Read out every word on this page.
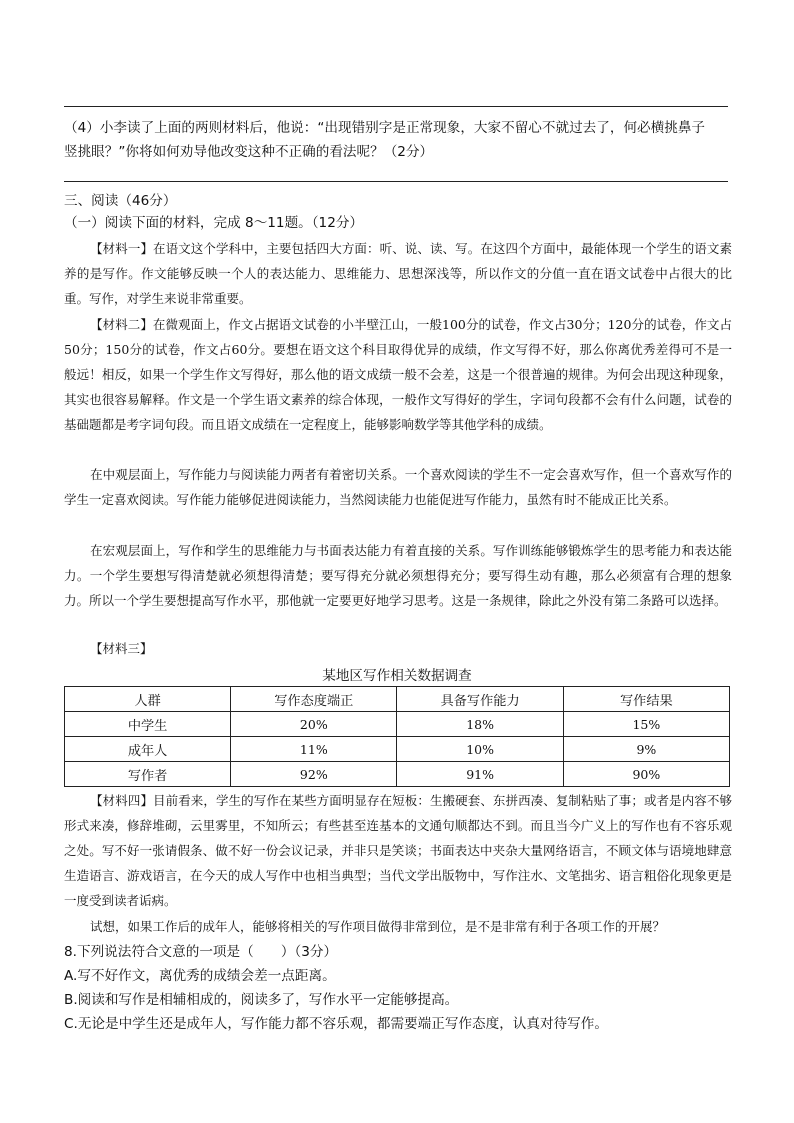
（4）小李读了上面的两则材料后，他说：“出现错别字是正常现象，大家不留心不就过去了，何必横挑鼻子
竖挑眼？”你将如何劝导他改变这种不正确的看法呢？（2分）
三、阅读（46分）
（一）阅读下面的材料，完成 8～11题。（12分）
【材料一】在语文这个学科中，主要包括四大方面：听、说、读、写。在这四个方面中，最能体现一个学生的语文素养的是写作。作文能够反映一个人的表达能力、思维能力、思想深浅等，所以作文的分值一直在语文试卷中占很大的比重。写作，对学生来说非常重要。
【材料二】在微观面上，作文占据语文试卷的小半壁江山，一般100分的试卷，作文占30分；120分的试卷，作文占50分；150分的试卷，作文占60分。要想在语文这个科目取得优异的成绩，作文写得不好，那么你离优秀差得可不是一般远！相反，如果一个学生作文写得好，那么他的语文成绩一般不会差，这是一个很普遍的规律。为何会出现这种现象，其实也很容易解释。作文是一个学生语文素养的综合体现，一般作文写得好的学生，字词句段都不会有什么问题，试卷的基础题都是考字词句段。而且语文成绩在一定程度上，能够影响数学等其他学科的成绩。
在中观层面上，写作能力与阅读能力两者有着密切关系。一个喜欢阅读的学生不一定会喜欢写作，但一个喜欢写作的学生一定喜欢阅读。写作能力能够促进阅读能力，当然阅读能力也能促进写作能力，虽然有时不能成正比关系。
在宏观层面上，写作和学生的思维能力与书面表达能力有着直接的关系。写作训练能够锻炼学生的思考能力和表达能力。一个学生要想写得清楚就必须想得清楚；要写得充分就必须想得充分；要写得生动有趣，那么必须富有合理的想象力。所以一个学生要想提高写作水平，那他就一定要更好地学习思考。这是一条规律，除此之外没有第二条路可以选择。
【材料三】
某地区写作相关数据调查
人群	写作态度端正	具备写作能力	写作结果
中学生	20%	18%	15%
成年人	11%	10%	9%
写作者	92%	91%	90%
【材料四】目前看来，学生的写作在某些方面明显存在短板：生搬硬套、东拼西凑、复制粘贴了事；或者是内容不够形式来凑，修辞堆砌，云里雾里，不知所云；有些甚至连基本的文通句顺都达不到。而且当今广义上的写作也有不容乐观之处。写不好一张请假条、做不好一份会议记录，并非只是笑谈；书面表达中夹杂大量网络语言，不顾文体与语境地肆意生造语言、游戏语言，在今天的成人写作中也相当典型；当代文学出版物中，写作注水、文笔拙劣、语言粗俗化现象更是一度受到读者诟病。
试想，如果工作后的成年人，能够将相关的写作项目做得非常到位，是不是非常有利于各项工作的开展？
8.下列说法符合文意的一项是（　　）（3分）
A.写不好作文，离优秀的成绩会差一点距离。
B.阅读和写作是相辅相成的，阅读多了，写作水平一定能够提高。
C.无论是中学生还是成年人，写作能力都不容乐观，都需要端正写作态度，认真对待写作。
